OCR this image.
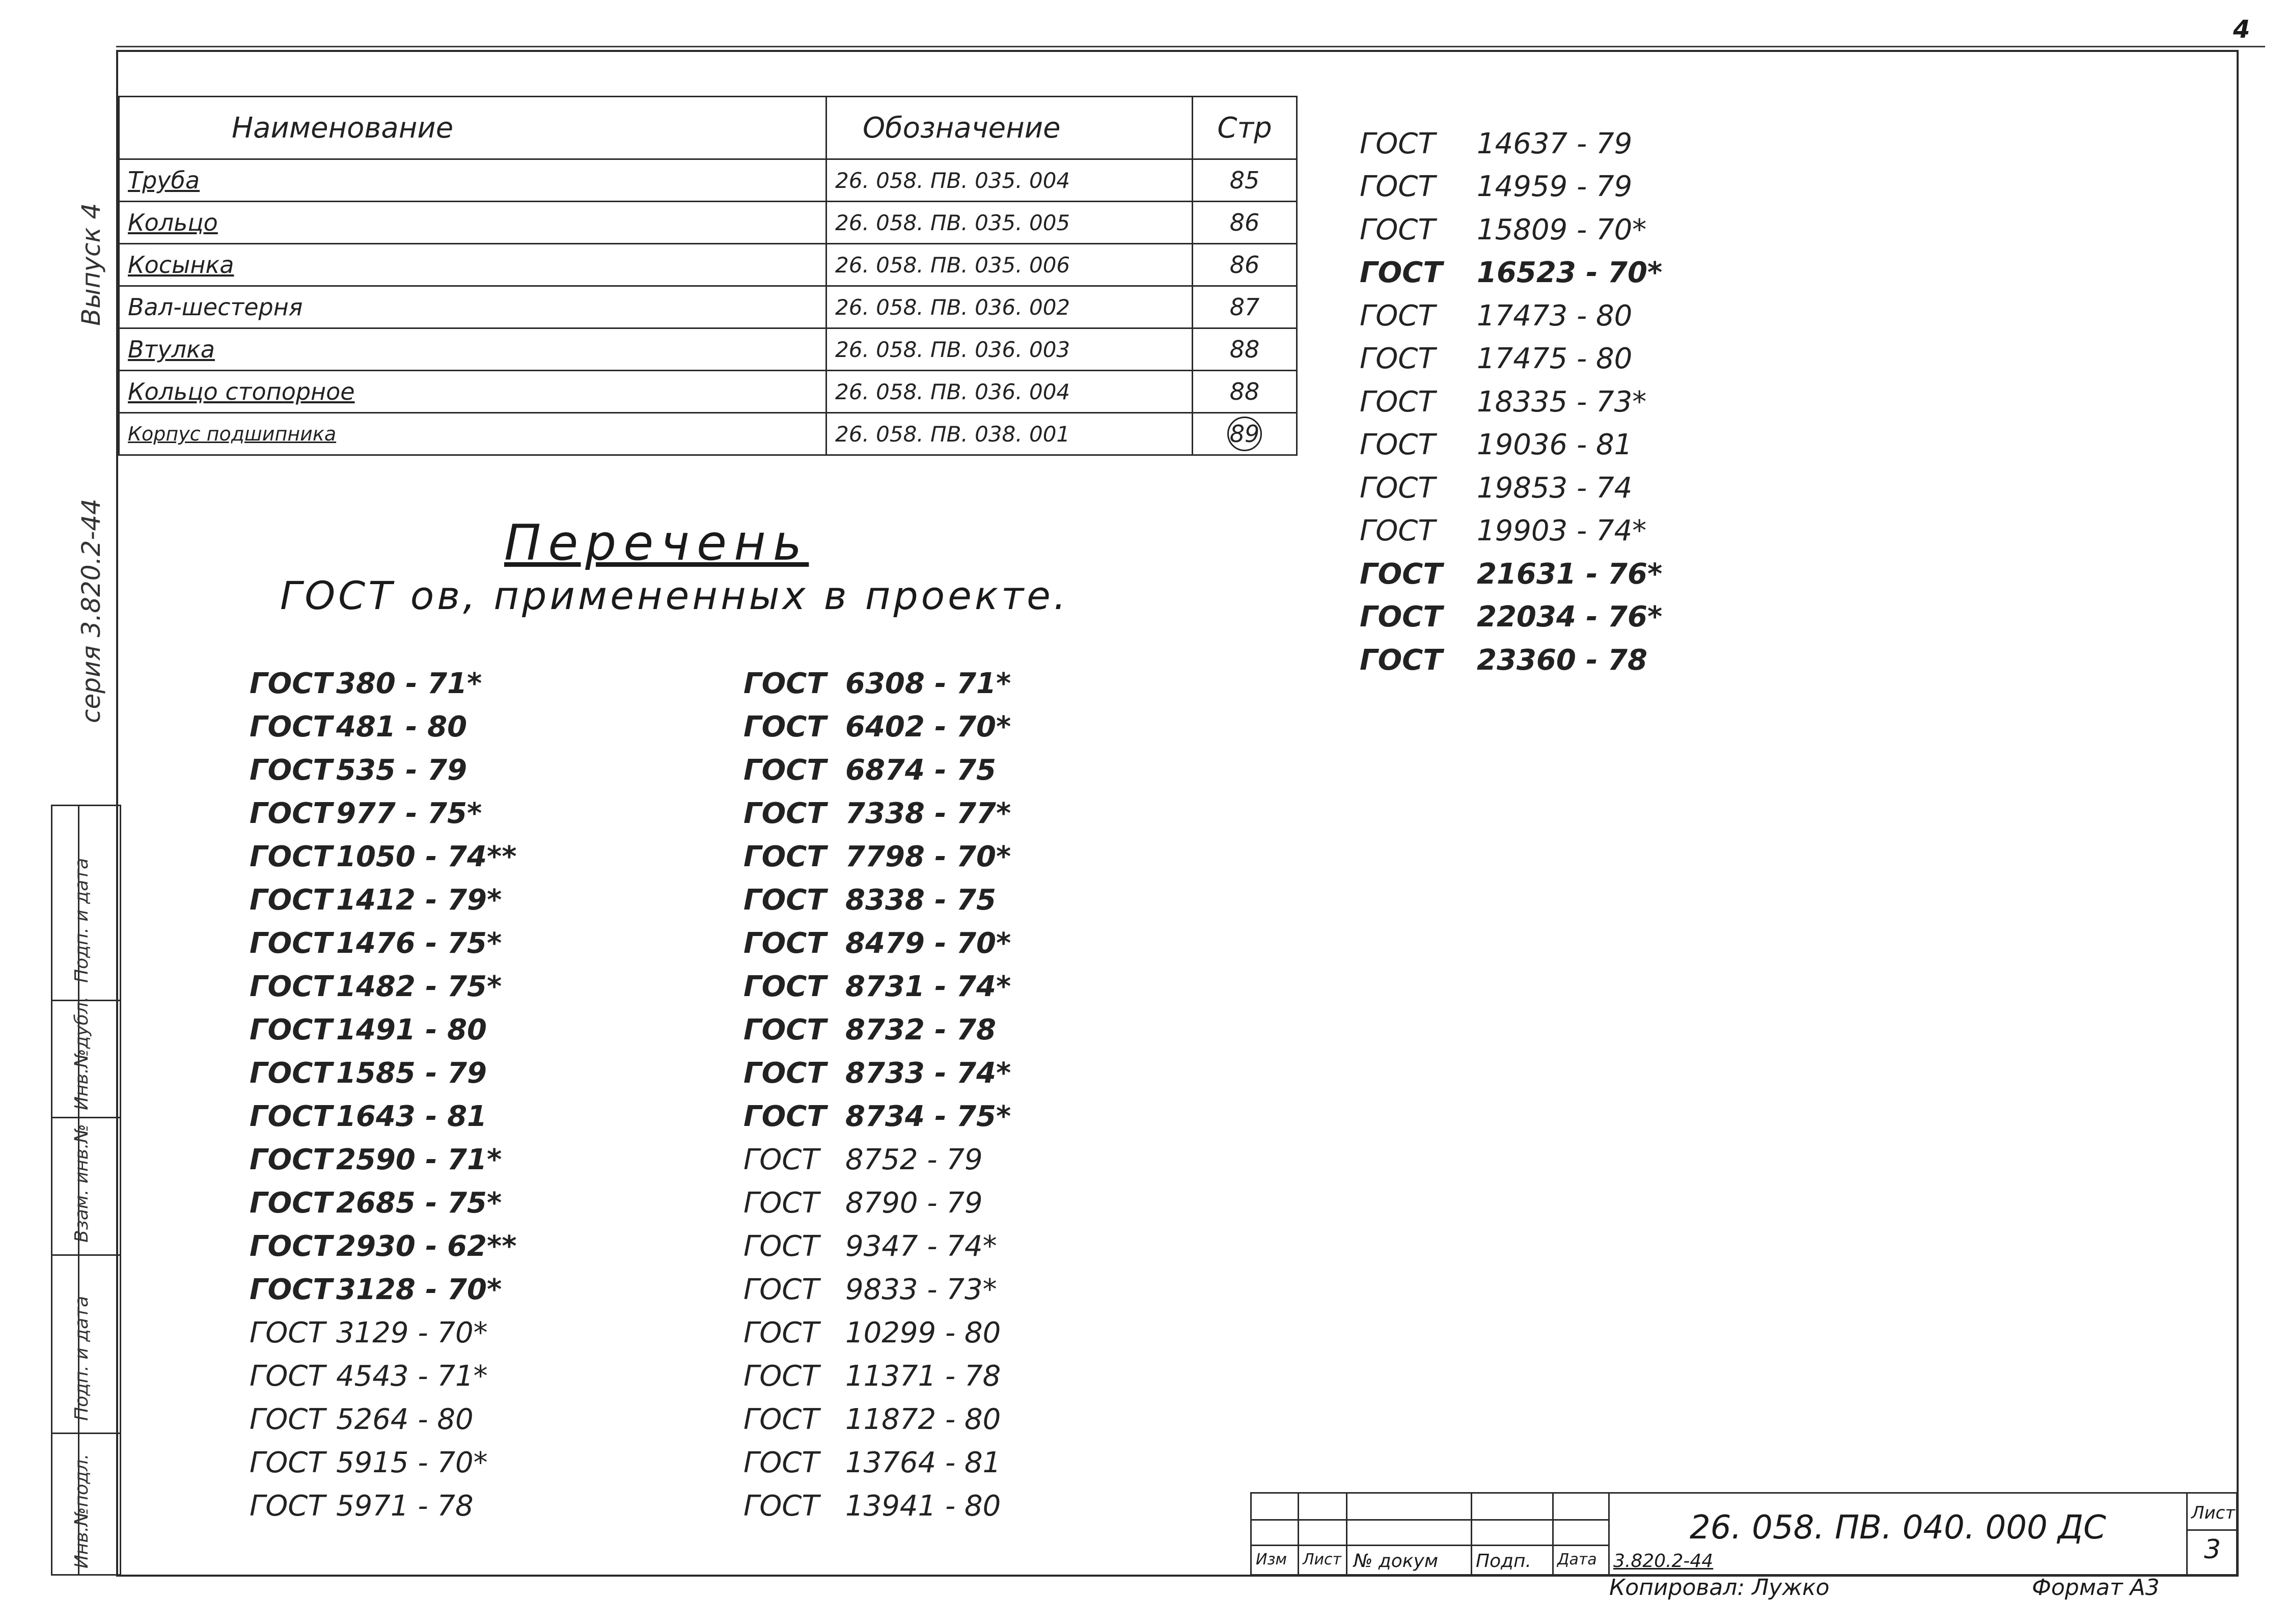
4
Выпуск 4
серия 3.820.2-44
Подп. и дата
Инв.№дубл.
Взам. инв.№
Подп. и дата
Инв.№подл.
Наименование	Обозначение	Стр
Труба	26. 058. ПВ. 035. 004	85
Кольцо	26. 058. ПВ. 035. 005	86
Косынка	26. 058. ПВ. 035. 006	86
Вал-шестерня	26. 058. ПВ. 036. 002	87
Втулка	26. 058. ПВ. 036. 003	88
Кольцо стопорное	26. 058. ПВ. 036. 004	88
Корпус подшипника	26. 058. ПВ. 038. 001	89
Перечень
ГОСТ ов, примененных в проекте.
ГОСТ 380 - 71*
ГОСТ 481 - 80
ГОСТ 535 - 79
ГОСТ 977 - 75*
ГОСТ 1050 - 74**
ГОСТ 1412 - 79*
ГОСТ 1476 - 75*
ГОСТ 1482 - 75*
ГОСТ 1491 - 80
ГОСТ 1585 - 79
ГОСТ 1643 - 81
ГОСТ 2590 - 71*
ГОСТ 2685 - 75*
ГОСТ 2930 - 62**
ГОСТ 3128 - 70*
ГОСТ 3129 - 70*
ГОСТ 4543 - 71*
ГОСТ 5264 - 80
ГОСТ 5915 - 70*
ГОСТ 5971 - 78
ГОСТ 6308 - 71*
ГОСТ 6402 - 70*
ГОСТ 6874 - 75
ГОСТ 7338 - 77*
ГОСТ 7798 - 70*
ГОСТ 8338 - 75
ГОСТ 8479 - 70*
ГОСТ 8731 - 74*
ГОСТ 8732 - 78
ГОСТ 8733 - 74*
ГОСТ 8734 - 75*
ГОСТ 8752 - 79
ГОСТ 8790 - 79
ГОСТ 9347 - 74*
ГОСТ 9833 - 73*
ГОСТ 10299 - 80
ГОСТ 11371 - 78
ГОСТ 11872 - 80
ГОСТ 13764 - 81
ГОСТ 13941 - 80
ГОСТ	14637 - 79
ГОСТ	14959 - 79
ГОСТ	15809 - 70*
ГОСТ	16523 - 70*
ГОСТ	17473 - 80
ГОСТ	17475 - 80
ГОСТ	18335 - 73*
ГОСТ	19036 - 81
ГОСТ	19853 - 74
ГОСТ	19903 - 74*
ГОСТ	21631 - 76*
ГОСТ	22034 - 76*
ГОСТ	23360 - 78
Изм Лист № докум Подп. Дата
26. 058. ПВ. 040. 000 ДС
3.820.2-44
Лист
3
Копировал: Лужко	Формат А3
